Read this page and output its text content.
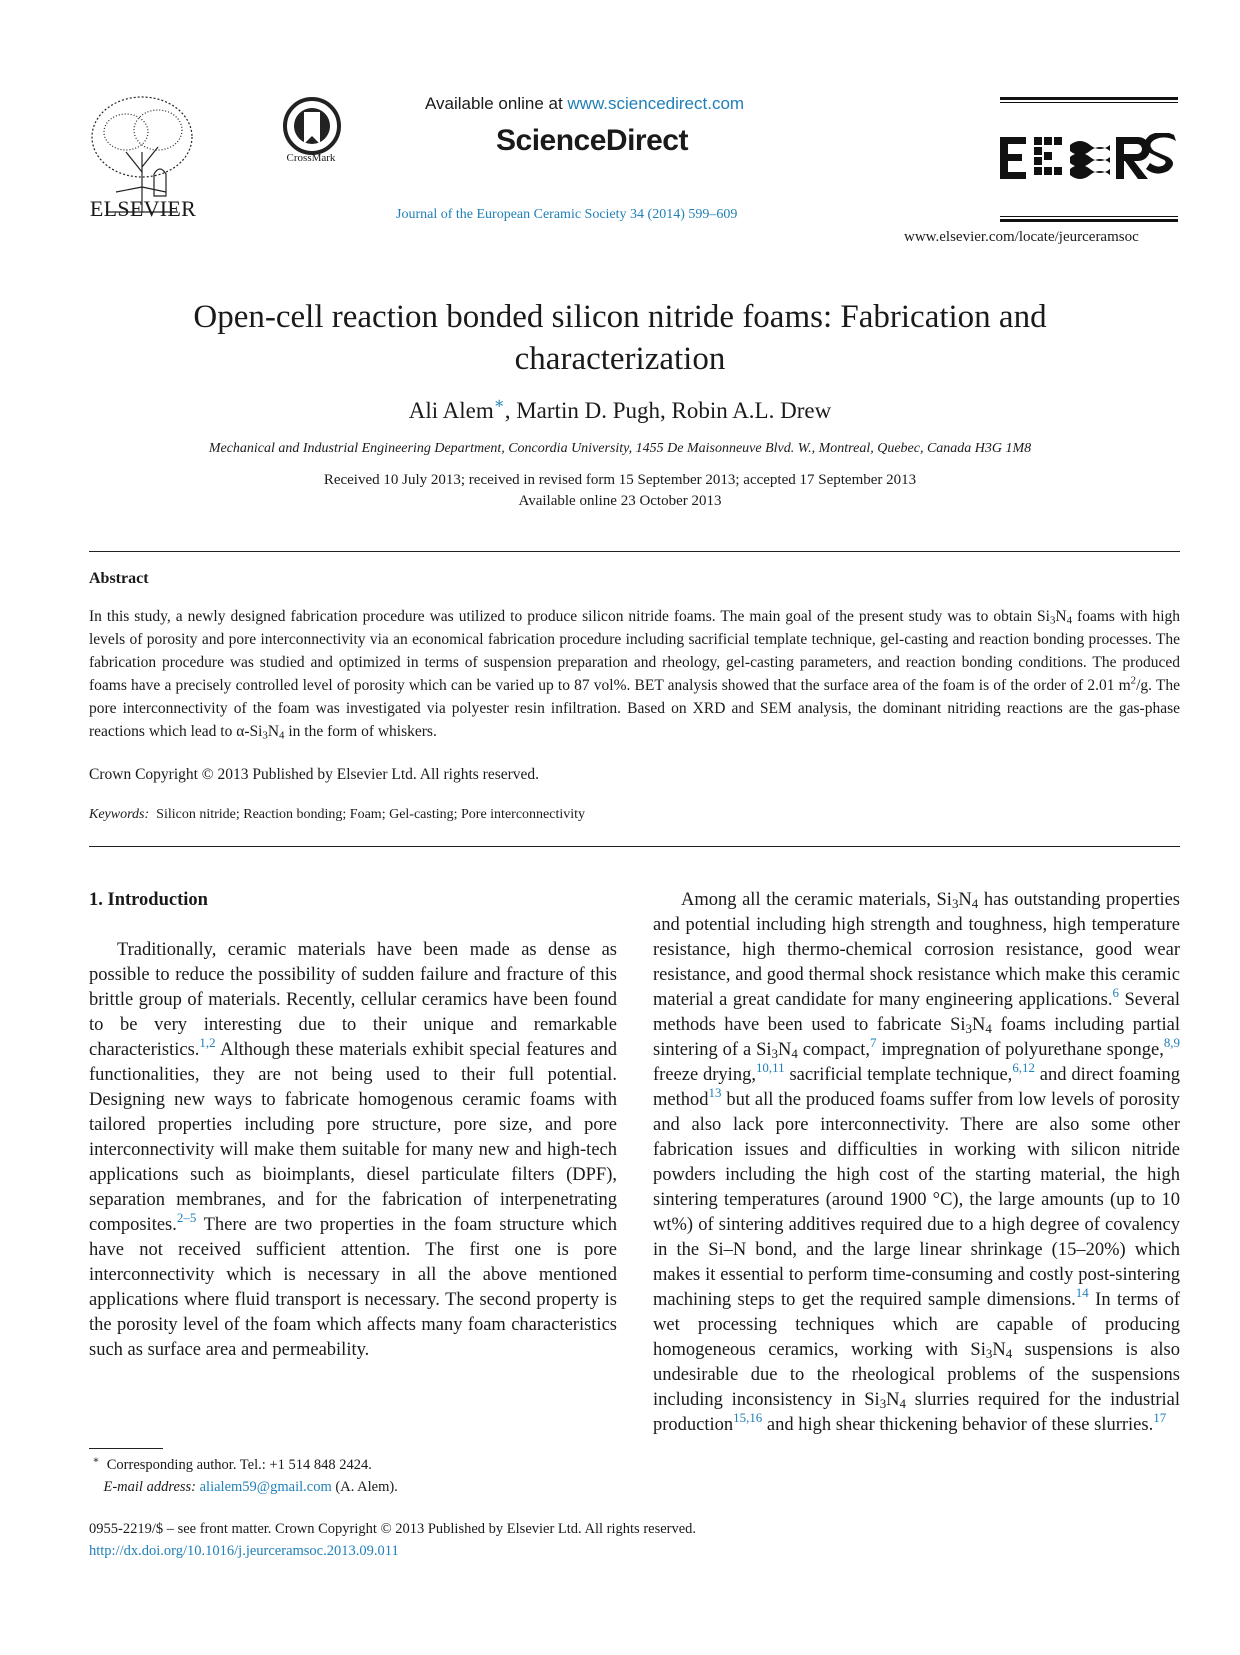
ELSEVIER
CrossMark
Available online at www.sciencedirect.com
ScienceDirect
Journal of the European Ceramic Society 34 (2014) 599–609
www.elsevier.com/locate/jeurceramsoc
Open-cell reaction bonded silicon nitride foams: Fabrication and
characterization
Ali Alem∗, Martin D. Pugh, Robin A.L. Drew
Mechanical and Industrial Engineering Department, Concordia University, 1455 De Maisonneuve Blvd. W., Montreal, Quebec, Canada H3G 1M8
Received 10 July 2013; received in revised form 15 September 2013; accepted 17 September 2013
Available online 23 October 2013
Abstract
In this study, a newly designed fabrication procedure was utilized to produce silicon nitride foams. The main goal of the present study was to obtain $Si_3N_4$ foams with high levels of porosity and pore interconnectivity via an economical fabrication procedure including sacrificial template technique, gel-casting and reaction bonding processes. The fabrication procedure was studied and optimized in terms of suspension preparation and rheology, gel-casting parameters, and reaction bonding conditions. The produced foams have a precisely controlled level of porosity which can be varied up to 87 vol%. BET analysis showed that the surface area of the foam is of the order of 2.01 $m^2/g$. The pore interconnectivity of the foam was investigated via polyester resin infiltration. Based on XRD and SEM analysis, the dominant nitriding reactions are the gas-phase reactions which lead to $\alpha-Si_3N_4$ in the form of whiskers.
Crown Copyright © 2013 Published by Elsevier Ltd. All rights reserved.
Keywords: Silicon nitride; Reaction bonding; Foam; Gel-casting; Pore interconnectivity
1. Introduction
Traditionally, ceramic materials have been made as dense as possible to reduce the possibility of sudden failure and fracture of this brittle group of materials. Recently, cellular ceramics have been found to be very interesting due to their unique and remarkable characteristics.$^{1,2}$ Although these materials exhibit special features and functionalities, they are not being used to their full potential. Designing new ways to fabricate homogenous ceramic foams with tailored properties including pore structure, pore size, and pore interconnectivity will make them suitable for many new and high-tech applications such as bioimplants, diesel particulate filters (DPF), separation membranes, and for the fabrication of interpenetrating composites.$^{2-5}$ There are two properties in the foam structure which have not received sufficient attention. The first one is pore interconnectivity which is necessary in all the above mentioned applications where fluid transport is necessary. The second property is the porosity level of the foam which affects many foam characteristics such as surface area and permeability.
Among all the ceramic materials, $Si_3N_4$ has outstanding properties and potential including high strength and toughness, high temperature resistance, high thermo-chemical corrosion resistance, good wear resistance, and good thermal shock resistance which make this ceramic material a great candidate for many engineering applications.$^6$ Several methods have been used to fabricate $Si_3N_4$ foams including partial sintering of a $Si_3N_4$ compact,$^7$ impregnation of polyurethane sponge,$^{8,9}$ freeze drying,$^{10,11}$ sacrificial template technique,$^{6,12}$ and direct foaming method$^{13}$ but all the produced foams suffer from low levels of porosity and also lack pore interconnectivity. There are also some other fabrication issues and difficulties in working with silicon nitride powders including the high cost of the starting material, the high sintering temperatures (around 1900 °C), the large amounts (up to 10 wt%) of sintering additives required due to a high degree of covalency in the Si–N bond, and the large linear shrinkage (15–20%) which makes it essential to perform time-consuming and costly post-sintering machining steps to get the required sample dimensions.$^{14}$ In terms of wet processing techniques which are capable of producing homogeneous ceramics, working with $Si_3N_4$ suspensions is also undesirable due to the rheological problems of the suspensions including inconsistency in $Si_3N_4$ slurries required for the industrial production$^{15,16}$ and high shear thickening behavior of these slurries.$^{17}$
∗ Corresponding author. Tel.: +1 514 848 2424.
E-mail address: alialem59@gmail.com (A. Alem).
0955-2219/$ – see front matter. Crown Copyright © 2013 Published by Elsevier Ltd. All rights reserved.
http://dx.doi.org/10.1016/j.jeurceramsoc.2013.09.011
